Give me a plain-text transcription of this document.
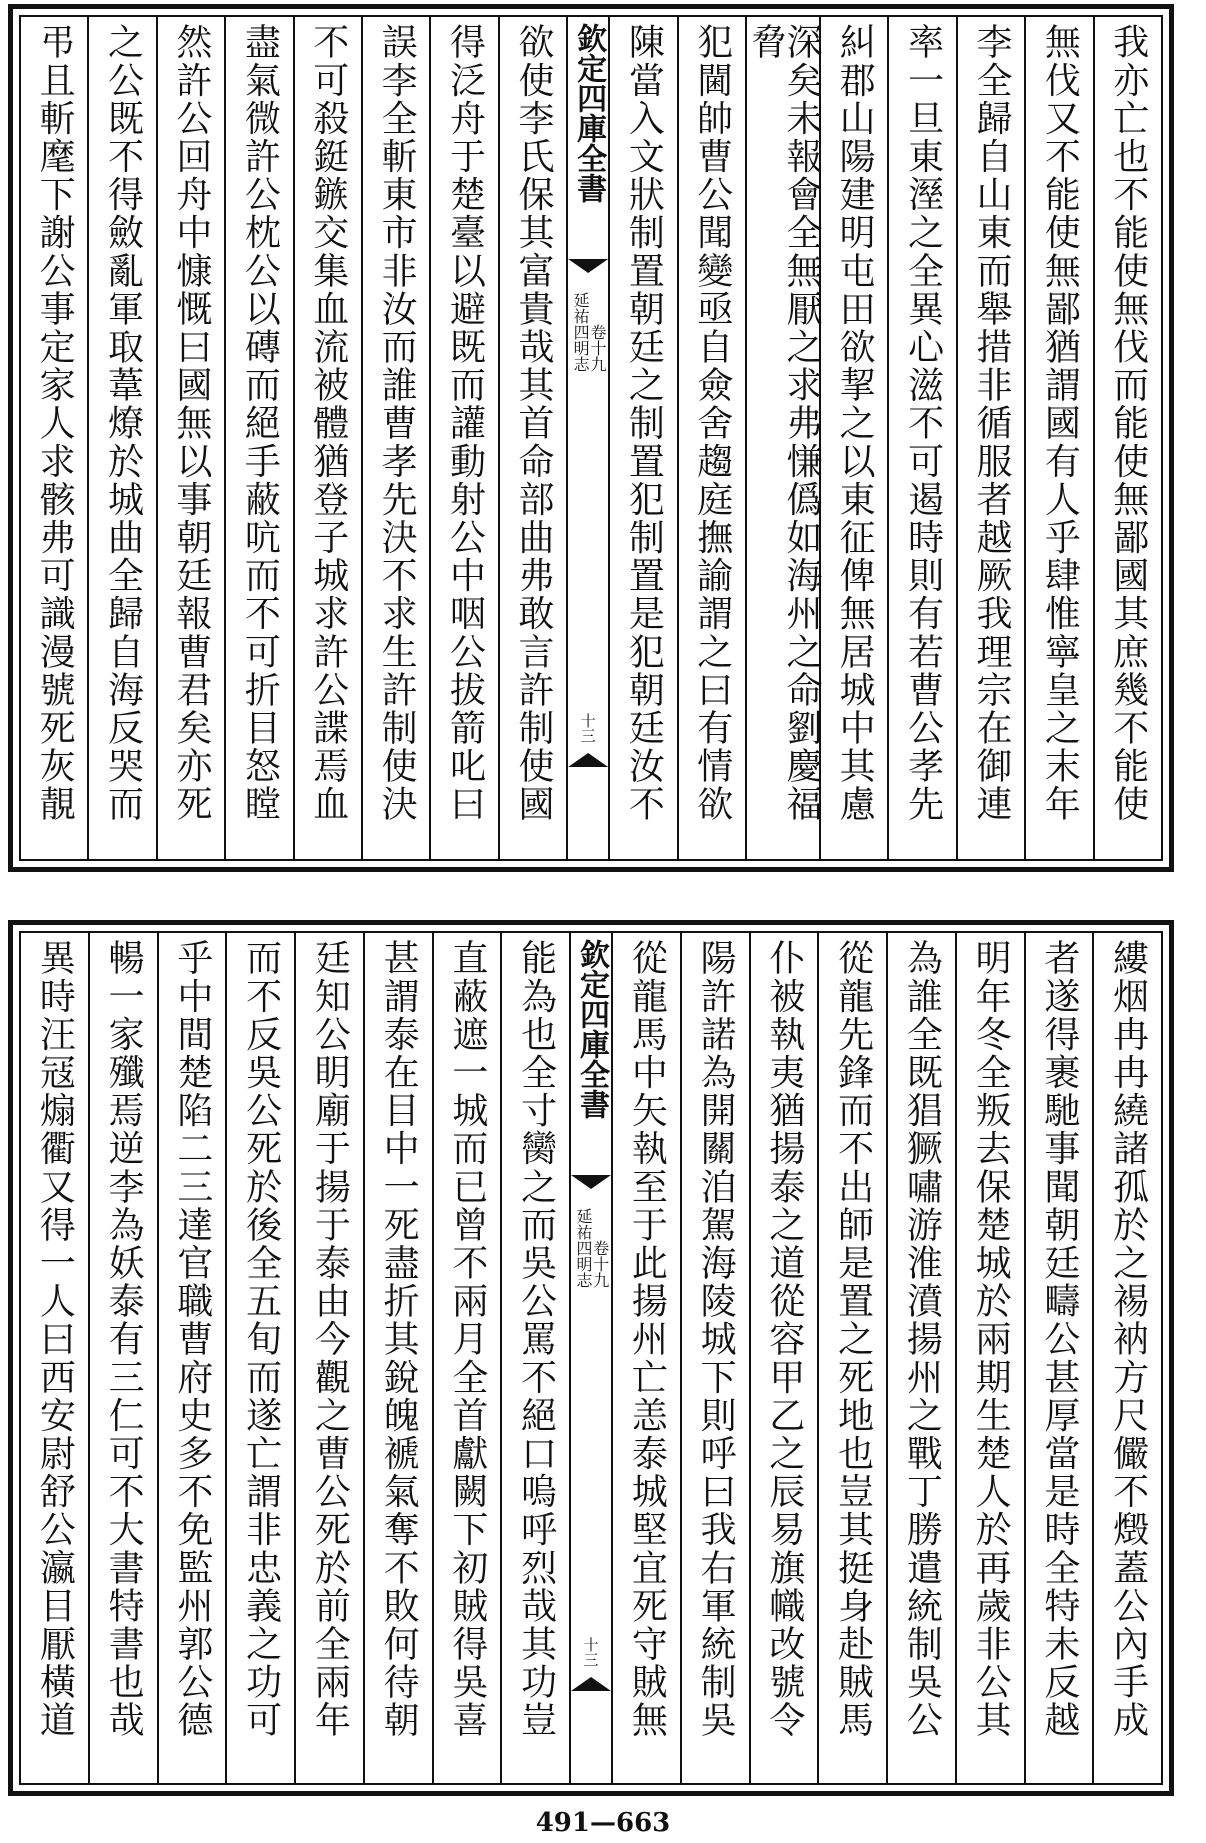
我亦亡也不能使無伐而能使無鄙國其庶幾不能使
無伐又不能使無鄙猶謂國有人乎肆惟寧皇之末年
李全歸自山東而舉措非循服者越厥我理宗在御連
率一旦東溼之全異心滋不可遏時則有若曹公孝先
糾郡山陽建明屯田欲挈之以東征俾無居城中其慮
深矣未報會全無厭之求弗慊僞如海州之命劉慶福脅
犯閫帥曹公聞變亟自僉舍趨庭撫諭謂之曰有情欲
陳當入文狀制置朝廷之制置犯制置是犯朝廷汝不
欽定四庫全書
延祐四明志卷十九
十三
欲使李氏保其富貴哉其首命部曲弗敢言許制使國
得泛舟于楚臺以避既而讙動射公中咽公拔箭叱曰
誤李全斬東市非汝而誰曹孝先決不求生許制使決
不可殺鋌鏃交集血流被體猶登子城求許公諜焉血
盡氣微許公枕公以磚而絕手蔽吭而不可折目怒瞠
然許公回舟中慷慨曰國無以事朝廷報曹君矣亦死
之公既不得斂亂軍取葦燎於城曲全歸自海反哭而
弔且斬麾下謝公事定家人求骸弗可識漫號死灰靚
縷烟冉冉繞諸孤於之裼衲方尺儼不燬蓋公內手成
者遂得裹馳事聞朝廷疇公甚厚當是時全特未反越
明年冬全叛去保楚城於兩期生楚人於再歲非公其
為誰全既猖獗嘯游淮濆揚州之戰丁勝遣統制吳公
從龍先鋒而不出師是置之死地也豈其挺身赴賊馬
仆被執夷猶揚泰之道從容甲乙之辰易旗幟改號令
陽許諾為開關洎駕海陵城下則呼曰我右軍統制吳
從龍馬中矢執至于此揚州亡恙泰城堅宜死守賊無
欽定四庫全書
延祐四明志卷十九
十三
能為也全寸臠之而吳公罵不絕口嗚呼烈哉其功豈
直蔽遮一城而已曾不兩月全首獻闕下初賊得吳喜
甚謂泰在目中一死盡折其銳魄褫氣奪不敗何待朝
廷知公眀廟于揚于泰由今觀之曹公死於前全兩年
而不反吳公死於後全五旬而遂亡謂非忠義之功可
乎中間楚陷二三達官職曹府史多不免監州郭公德
暢一家殲焉逆李為妖泰有三仁可不大書特書也哉
異時汪冦煽衢又得一人曰西安尉舒公瀛目厭橫道
491—663
